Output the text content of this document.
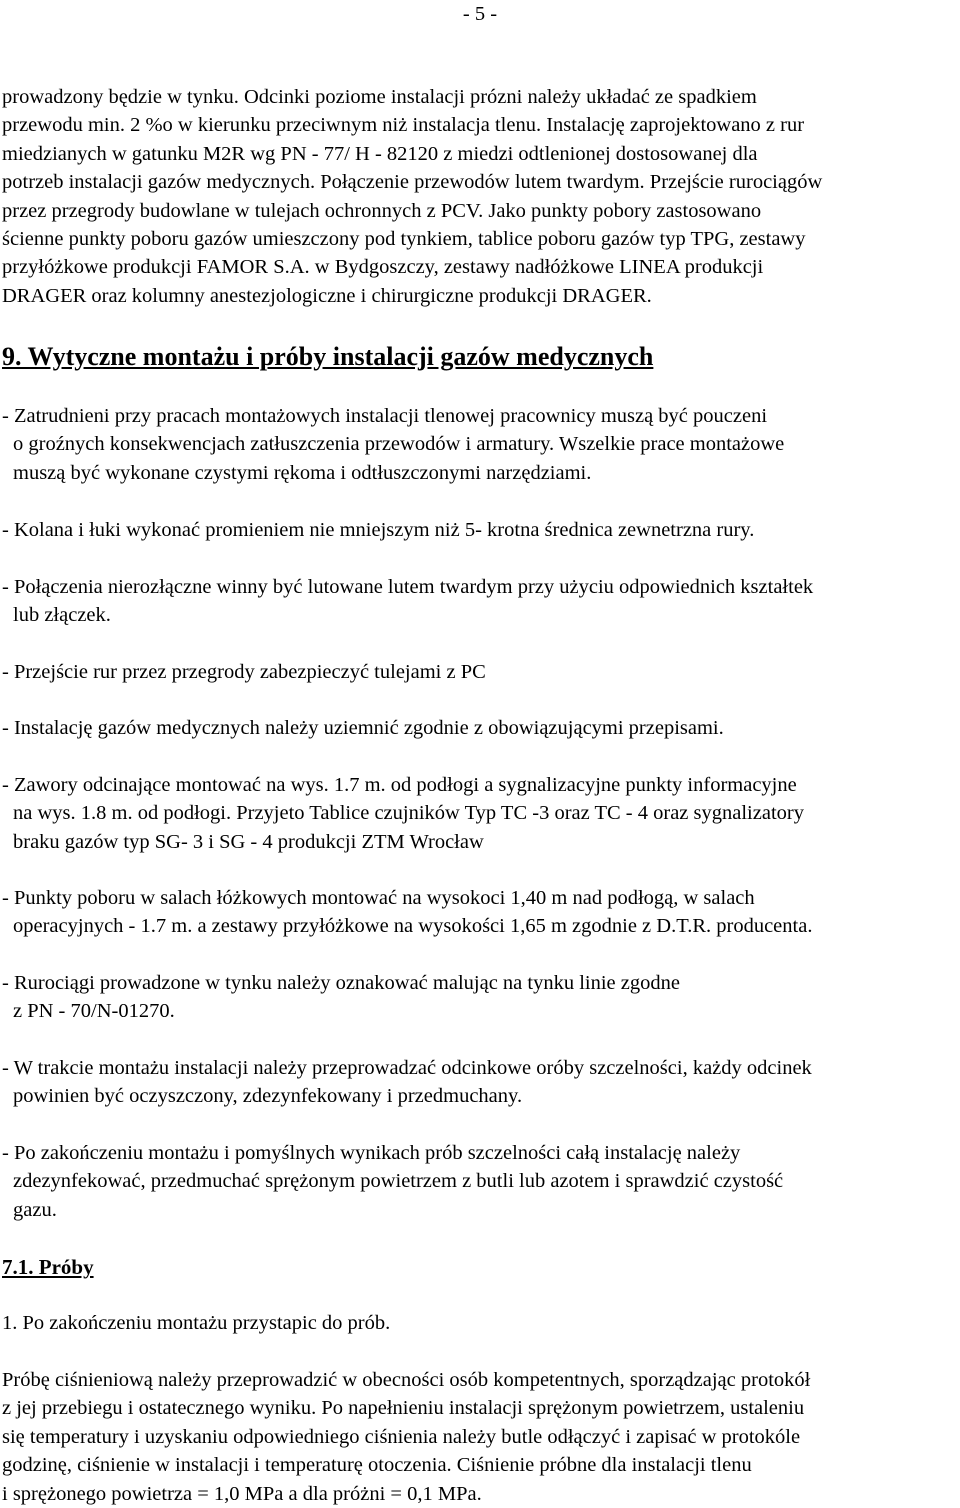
- 5 -
prowadzony będzie w tynku. Odcinki poziome instalacji prózni należy układać ze spadkiem
przewodu min. 2 %o w kierunku przeciwnym niż instalacja tlenu. Instalację zaprojektowano z rur
miedzianych w gatunku M2R wg PN - 77/ H - 82120 z miedzi odtlenionej dostosowanej dla
potrzeb instalacji gazów medycznych. Połączenie przewodów lutem twardym. Przejście rurociągów
przez przegrody budowlane w tulejach ochronnych z PCV. Jako punkty pobory zastosowano
ścienne punkty poboru gazów umieszczony pod tynkiem, tablice poboru gazów typ TPG, zestawy
przyłóżkowe produkcji FAMOR S.A. w Bydgoszczy, zestawy nadłóżkowe LINEA produkcji
DRAGER oraz kolumny anestezjologiczne i chirurgiczne produkcji DRAGER.
9. Wytyczne montażu i próby instalacji gazów medycznych
- Zatrudnieni przy pracach montażowych instalacji tlenowej pracownicy muszą być pouczeni
o groźnych konsekwencjach zatłuszczenia przewodów i armatury. Wszelkie prace montażowe
muszą być wykonane czystymi rękoma i odtłuszczonymi narzędziami.
- Kolana i łuki wykonać promieniem nie mniejszym niż 5- krotna średnica zewnetrzna rury.
- Połączenia nierozłączne winny być lutowane lutem twardym przy użyciu odpowiednich kształtek
lub złączek.
- Przejście rur przez przegrody zabezpieczyć tulejami z PC
- Instalację gazów medycznych należy uziemnić zgodnie z obowiązującymi przepisami.
- Zawory odcinające montować na wys. 1.7 m. od podłogi a sygnalizacyjne punkty informacyjne
na wys. 1.8 m. od podłogi. Przyjeto Tablice czujników Typ TC -3 oraz TC - 4 oraz sygnalizatory
braku gazów typ SG- 3 i SG - 4 produkcji ZTM Wrocław
- Punkty poboru w salach łóżkowych montować na wysokoci 1,40 m nad podłogą, w salach
operacyjnych - 1.7 m. a zestawy przyłóżkowe na wysokości 1,65 m zgodnie z D.T.R. producenta.
- Rurociągi prowadzone w tynku należy oznakować malując na tynku linie zgodne
z PN - 70/N-01270.
- W trakcie montażu instalacji należy przeprowadzać odcinkowe oróby szczelności, każdy odcinek
powinien być oczyszczony, zdezynfekowany i przedmuchany.
- Po zakończeniu montażu i pomyślnych wynikach prób szczelności całą instalację należy
zdezynfekować, przedmuchać sprężonym powietrzem z butli lub azotem i sprawdzić czystość
gazu.
7.1. Próby
1. Po zakończeniu montażu przystapic do prób.
Próbę ciśnieniową należy przeprowadzić w obecności osób kompetentnych, sporządzając protokół
z jej przebiegu i ostatecznego wyniku. Po napełnieniu instalacji sprężonym powietrzem, ustaleniu
się temperatury i uzyskaniu odpowiedniego ciśnienia należy butle odłączyć i zapisać w protokóle
godzinę, ciśnienie w instalacji i temperaturę otoczenia. Ciśnienie próbne dla instalacji tlenu
i sprężonego powietrza = 1,0 MPa a dla próżni = 0,1 MPa.
